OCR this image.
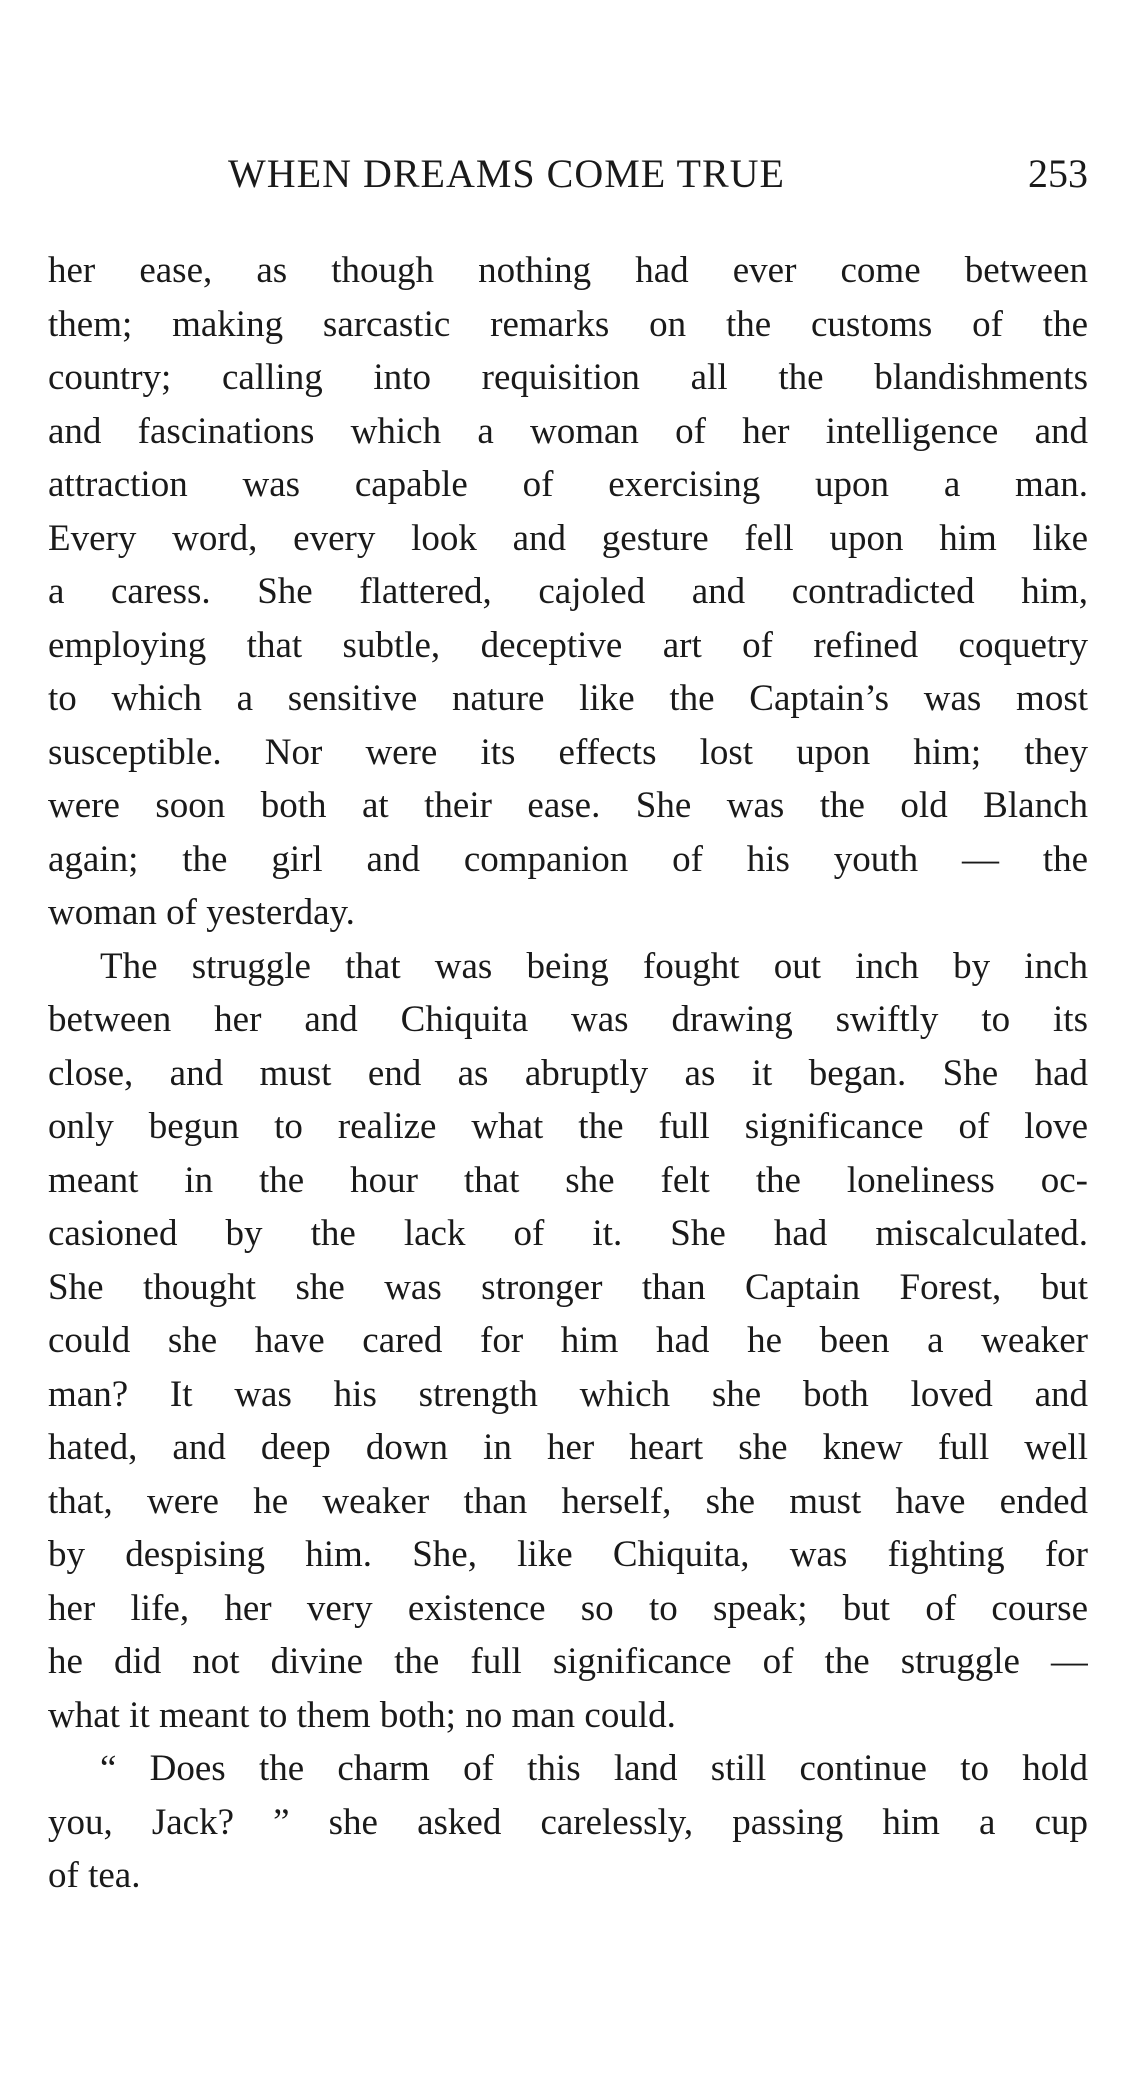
WHEN DREAMS COME TRUE	253
her ease, as though nothing had ever come between
them; making sarcastic remarks on the customs of the
country; calling into requisition all the blandishments
and fascinations which a woman of her intelligence and
attraction was capable of exercising upon a man.
Every word, every look and gesture fell upon him like
a caress. She flattered, cajoled and contradicted him,
employing that subtle, deceptive art of refined coquetry
to which a sensitive nature like the Captain’s was most
susceptible. Nor were its effects lost upon him; they
were soon both at their ease. She was the old Blanch
again; the girl and companion of his youth — the
woman of yesterday.
The struggle that was being fought out inch by inch
between her and Chiquita was drawing swiftly to its
close, and must end as abruptly as it began. She had
only begun to realize what the full significance of love
meant in the hour that she felt the loneliness oc-
casioned by the lack of it. She had miscalculated.
She thought she was stronger than Captain Forest, but
could she have cared for him had he been a weaker
man? It was his strength which she both loved and
hated, and deep down in her heart she knew full well
that, were he weaker than herself, she must have ended
by despising him. She, like Chiquita, was fighting for
her life, her very existence so to speak; but of course
he did not divine the full significance of the struggle —
what it meant to them both; no man could.
“ Does the charm of this land still continue to hold
you, Jack? ” she asked carelessly, passing him a cup
of tea.
